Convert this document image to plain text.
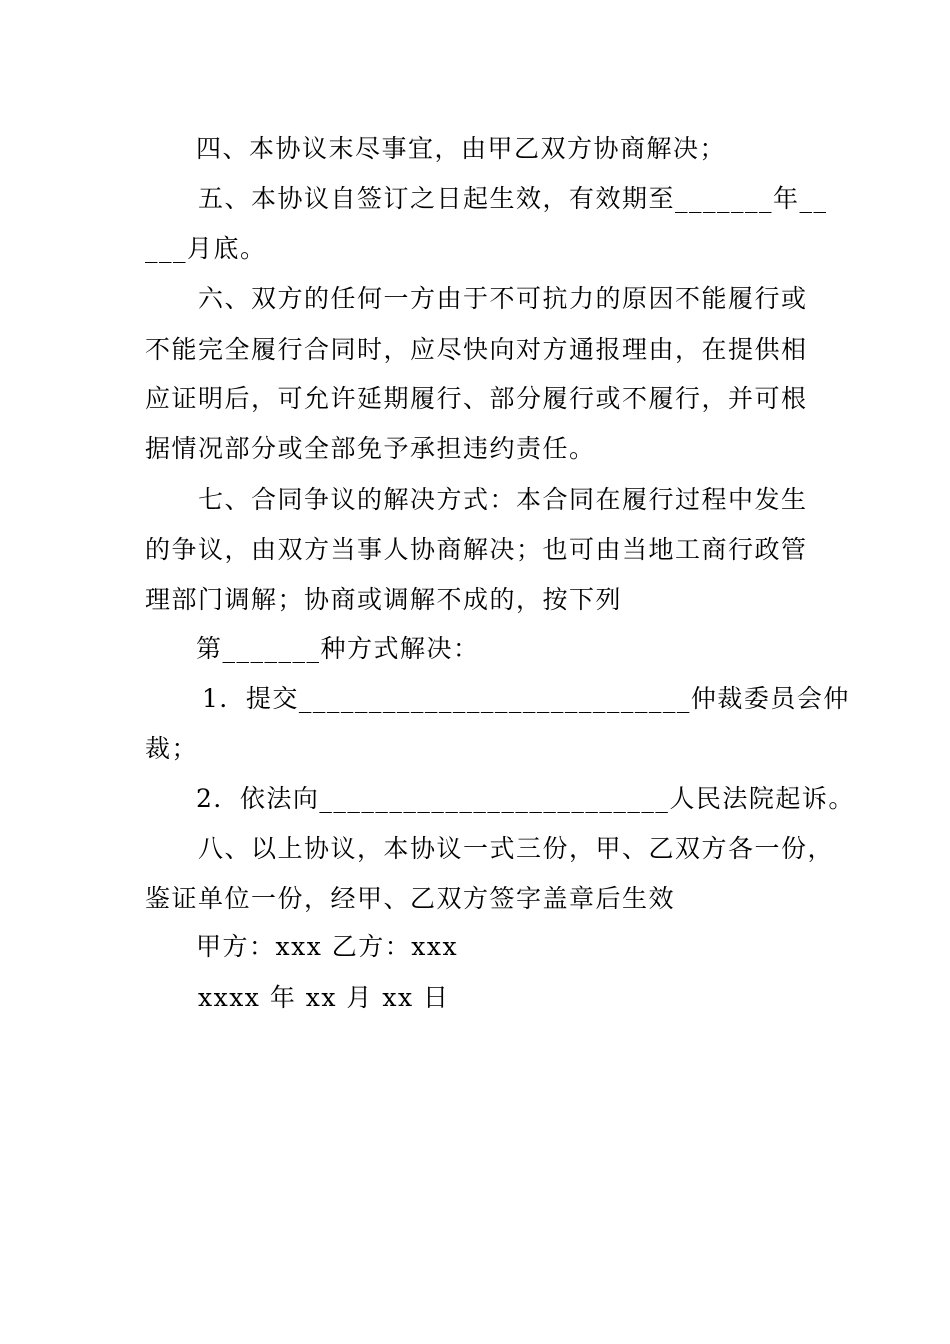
四、本协议末尽事宜，由甲乙双方协商解决；
五、本协议自签订之日起生效，有效期至_______年__
___月底。
六、双方的任何一方由于不可抗力的原因不能履行或
不能完全履行合同时，应尽快向对方通报理由，在提供相
应证明后，可允许延期履行、部分履行或不履行，并可根
据情况部分或全部免予承担违约责任。
七、合同争议的解决方式：本合同在履行过程中发生
的争议，由双方当事人协商解决；也可由当地工商行政管
理部门调解；协商或调解不成的，按下列
第_______种方式解决：
1．提交____________________________仲裁委员会仲
裁；
2．依法向_________________________人民法院起诉。
八、以上协议，本协议一式三份，甲、乙双方各一份，
鉴证单位一份，经甲、乙双方签字盖章后生效
甲方：xxx 乙方：xxx
xxxx 年 xx 月 xx 日
